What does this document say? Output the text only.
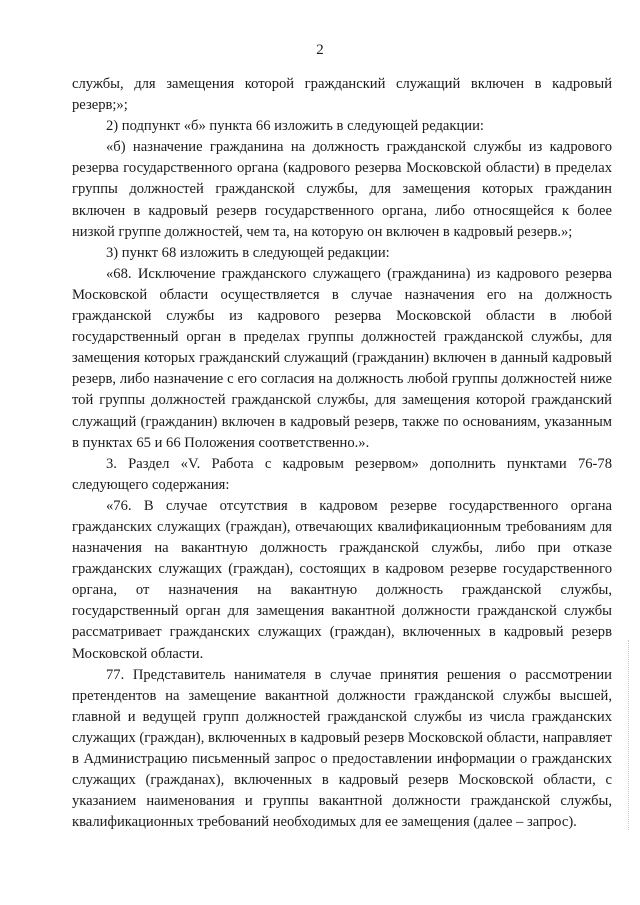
2

службы, для замещения которой гражданский служащий включен в кадровый резерв;»;

2) подпункт «б» пункта 66 изложить в следующей редакции:

«б) назначение гражданина на должность гражданской службы из кадрового резерва государственного органа (кадрового резерва Московской области) в пределах группы должностей гражданской службы, для замещения которых гражданин включен в кадровый резерв государственного органа, либо относящейся к более низкой группе должностей, чем та, на которую он включен в кадровый резерв.»;

3) пункт 68 изложить в следующей редакции:

«68. Исключение гражданского служащего (гражданина) из кадрового резерва Московской области осуществляется в случае назначения его на должность гражданской службы из кадрового резерва Московской области в любой государственный орган в пределах группы должностей гражданской службы, для замещения которых гражданский служащий (гражданин) включен в данный кадровый резерв, либо назначение с его согласия на должность любой группы должностей ниже той группы должностей гражданской службы, для замещения которой гражданский служащий (гражданин) включен в кадровый резерв, также по основаниям, указанным в пунктах 65 и 66 Положения соответственно.».

3. Раздел «V. Работа с кадровым резервом» дополнить пунктами 76-78 следующего содержания:

«76. В случае отсутствия в кадровом резерве государственного органа гражданских служащих (граждан), отвечающих квалификационным требованиям для назначения на вакантную должность гражданской службы, либо при отказе гражданских служащих (граждан), состоящих в кадровом резерве государственного органа, от назначения на вакантную должность гражданской службы, государственный орган для замещения вакантной должности гражданской службы рассматривает гражданских служащих (граждан), включенных в кадровый резерв Московской области.

77. Представитель нанимателя в случае принятия решения о рассмотрении претендентов на замещение вакантной должности гражданской службы высшей, главной и ведущей групп должностей гражданской службы из числа гражданских служащих (граждан), включенных в кадровый резерв Московской области, направляет в Администрацию письменный запрос о предоставлении информации о гражданских служащих (гражданах), включенных в кадровый резерв Московской области, с указанием наименования и группы вакантной должности гражданской службы, квалификационных требований необходимых для ее замещения (далее – запрос).
